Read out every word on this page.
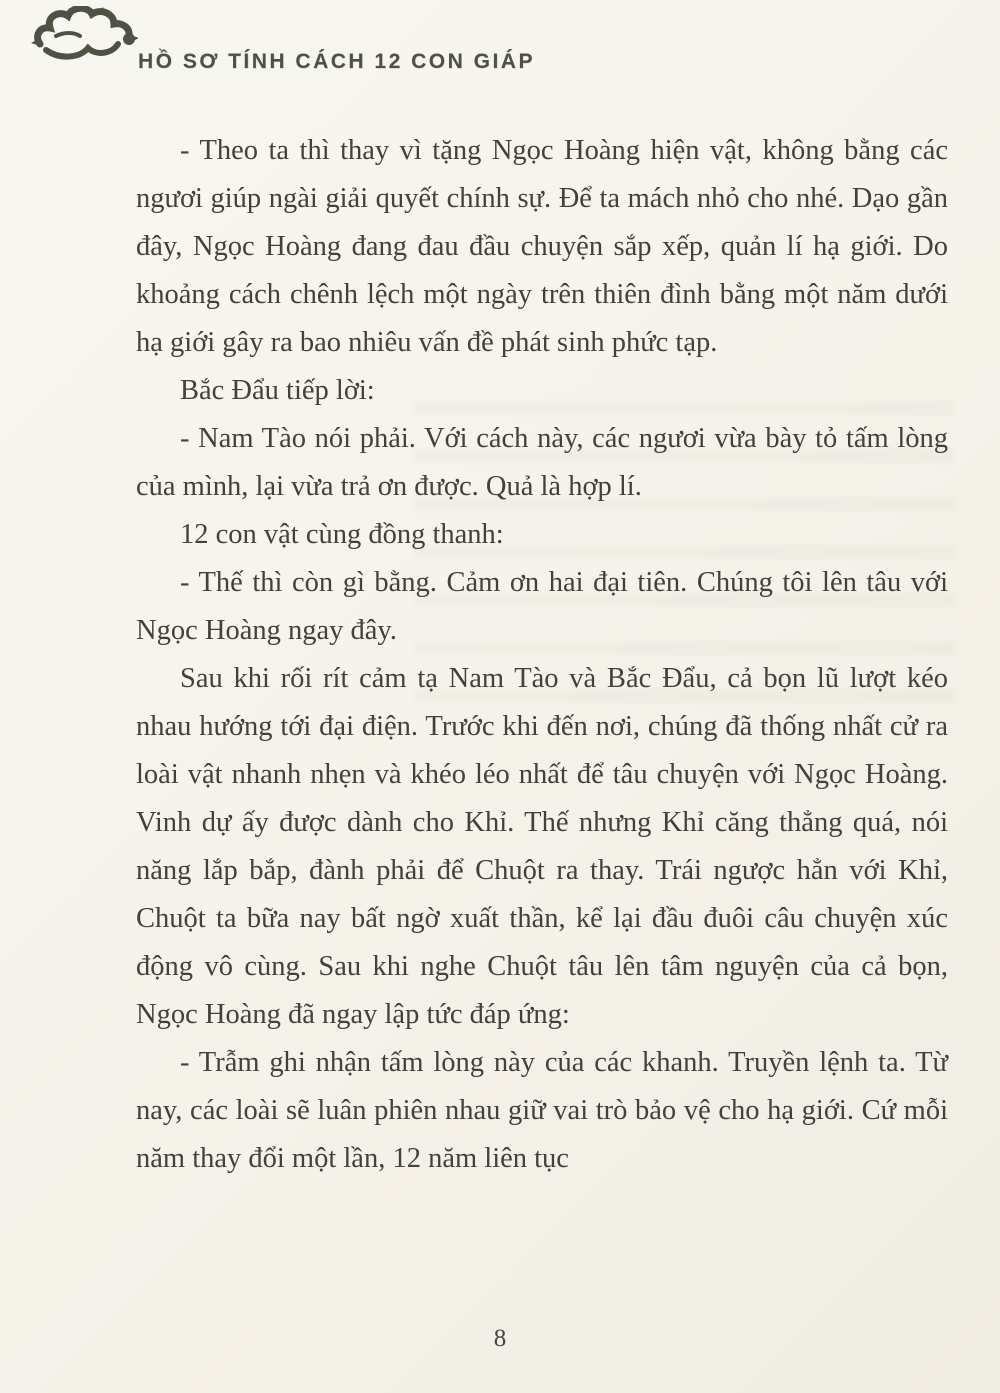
HỒ SƠ TÍNH CÁCH 12 CON GIÁP

- Theo ta thì thay vì tặng Ngọc Hoàng hiện vật, không bằng các ngươi giúp ngài giải quyết chính sự. Để ta mách nhỏ cho nhé. Dạo gần đây, Ngọc Hoàng đang đau đầu chuyện sắp xếp, quản lí hạ giới. Do khoảng cách chênh lệch một ngày trên thiên đình bằng một năm dưới hạ giới gây ra bao nhiêu vấn đề phát sinh phức tạp.

Bắc Đẩu tiếp lời:

- Nam Tào nói phải. Với cách này, các ngươi vừa bày tỏ tấm lòng của mình, lại vừa trả ơn được. Quả là hợp lí.

12 con vật cùng đồng thanh:

- Thế thì còn gì bằng. Cảm ơn hai đại tiên. Chúng tôi lên tâu với Ngọc Hoàng ngay đây.

Sau khi rối rít cảm tạ Nam Tào và Bắc Đẩu, cả bọn lũ lượt kéo nhau hướng tới đại điện. Trước khi đến nơi, chúng đã thống nhất cử ra loài vật nhanh nhẹn và khéo léo nhất để tâu chuyện với Ngọc Hoàng. Vinh dự ấy được dành cho Khỉ. Thế nhưng Khỉ căng thẳng quá, nói năng lắp bắp, đành phải để Chuột ra thay. Trái ngược hẳn với Khỉ, Chuột ta bữa nay bất ngờ xuất thần, kể lại đầu đuôi câu chuyện xúc động vô cùng. Sau khi nghe Chuột tâu lên tâm nguyện của cả bọn, Ngọc Hoàng đã ngay lập tức đáp ứng:

- Trẫm ghi nhận tấm lòng này của các khanh. Truyền lệnh ta. Từ nay, các loài sẽ luân phiên nhau giữ vai trò bảo vệ cho hạ giới. Cứ mỗi năm thay đổi một lần, 12 năm liên tục

8
